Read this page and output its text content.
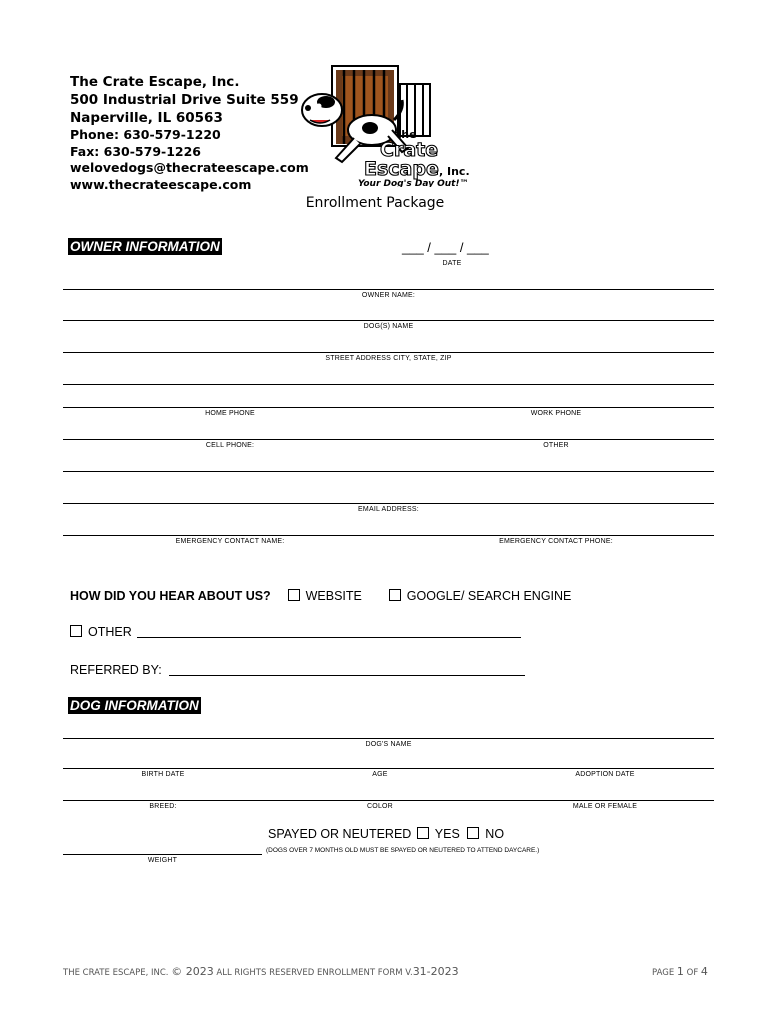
The Crate Escape, Inc.
500 Industrial Drive Suite 559
Naperville, IL 60563
Phone: 630-579-1220
Fax: 630-579-1226
welovedogs@thecrateescape.com
www.thecrateescape.com
the
Crate
Escape , Inc.
Your Dog's Day Out!™
Enrollment Package
OWNER INFORMATION	___ / ___ / ___
DATE
OWNER NAME:
DOG(S) NAME
STREET ADDRESS CITY, STATE, ZIP
HOME PHONE	WORK PHONE
CELL PHONE:	OTHER
EMAIL ADDRESS:
EMERGENCY CONTACT NAME:	EMERGENCY CONTACT PHONE:
HOW DID YOU HEAR ABOUT US?	WEBSITE	GOOGLE/ SEARCH ENGINE
OTHER
REFERRED BY:
DOG INFORMATION
DOG'S NAME
BIRTH DATE	AGE	ADOPTION DATE
BREED:	COLOR	MALE OR FEMALE
SPAYED OR NEUTERED YES NO
(DOGS OVER 7 MONTHS OLD MUST BE SPAYED OR NEUTERED TO ATTEND DAYCARE.)
WEIGHT
THE CRATE ESCAPE, INC. © 2023 ALL RIGHTS RESERVED ENROLLMENT FORM V.31-2023	PAGE 1 OF 4
